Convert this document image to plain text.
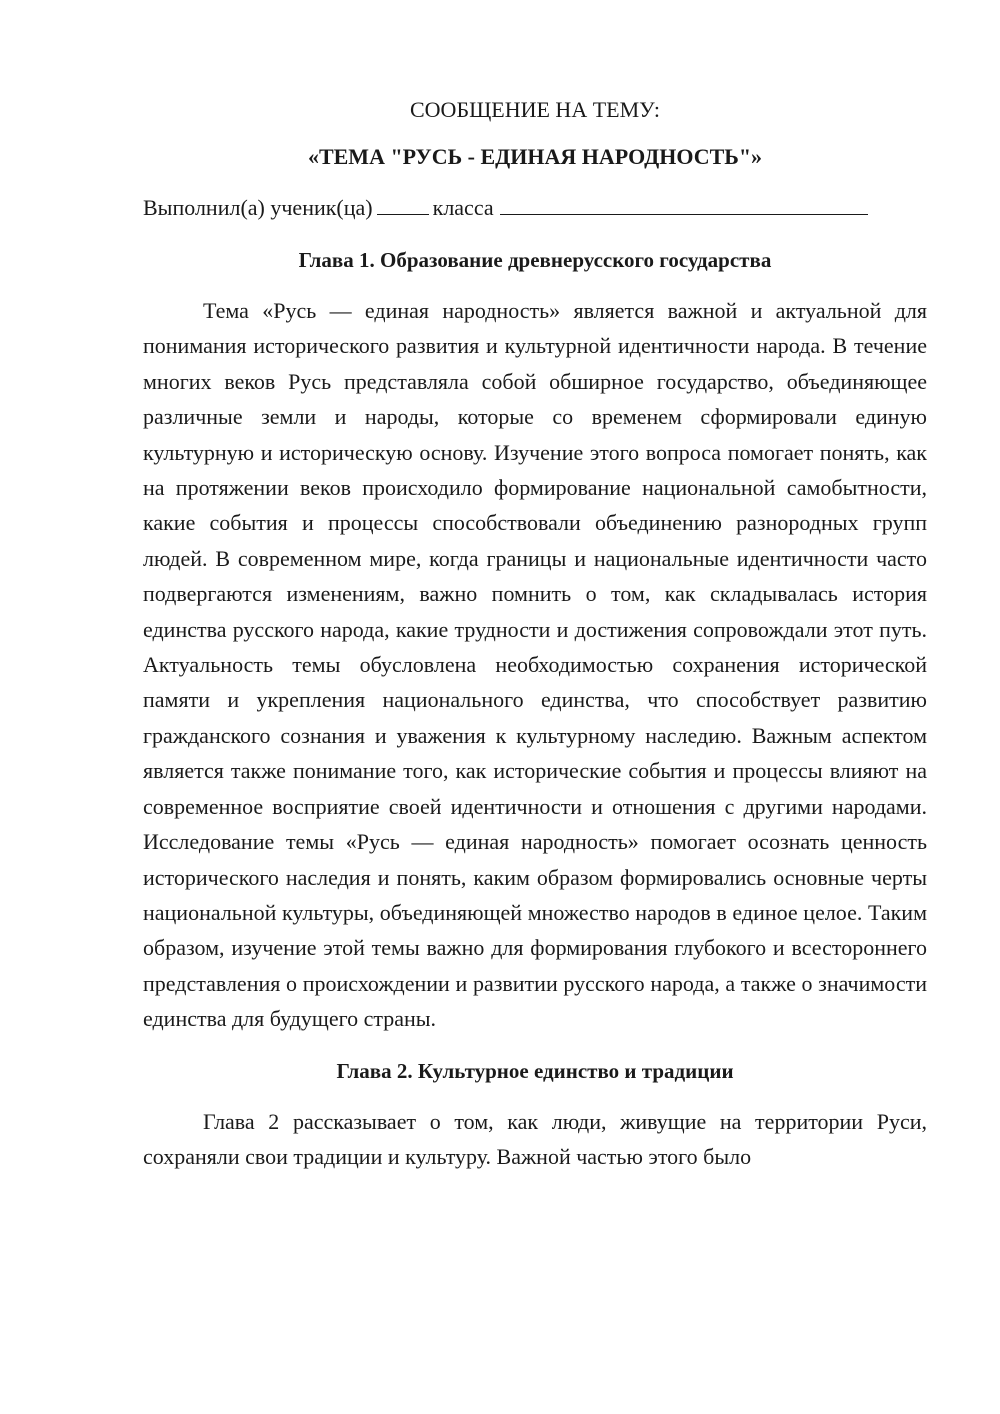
СООБЩЕНИЕ НА ТЕМУ:

«ТЕМА "РУСЬ - ЕДИНАЯ НАРОДНОСТЬ"»

Выполнил(а) ученик(ца)	класса
Глава 1. Образование древнерусского государства

Тема «Русь — единая народность» является важной и актуальной для понимания исторического развития и культурной идентичности народа. В течение многих веков Русь представляла собой обширное государство, объединяющее различные земли и народы, которые со временем сформировали единую культурную и историческую основу. Изучение этого вопроса помогает понять, как на протяжении веков происходило формирование национальной самобытности, какие события и процессы способствовали объединению разнородных групп людей. В современном мире, когда границы и национальные идентичности часто подвергаются изменениям, важно помнить о том, как складывалась история единства русского народа, какие трудности и достижения сопровождали этот путь. Актуальность темы обусловлена необходимостью сохранения исторической памяти и укрепления национального единства, что способствует развитию гражданского сознания и уважения к культурному наследию. Важным аспектом является также понимание того, как исторические события и процессы влияют на современное восприятие своей идентичности и отношения с другими народами. Исследование темы «Русь — единая народность» помогает осознать ценность исторического наследия и понять, каким образом формировались основные черты национальной культуры, объединяющей множество народов в единое целое. Таким образом, изучение этой темы важно для формирования глубокого и всестороннего представления о происхождении и развитии русского народа, а также о значимости единства для будущего страны.

Глава 2. Культурное единство и традиции

Глава 2 рассказывает о том, как люди, живущие на территории Руси, сохраняли свои традиции и культуру. Важной частью этого было
